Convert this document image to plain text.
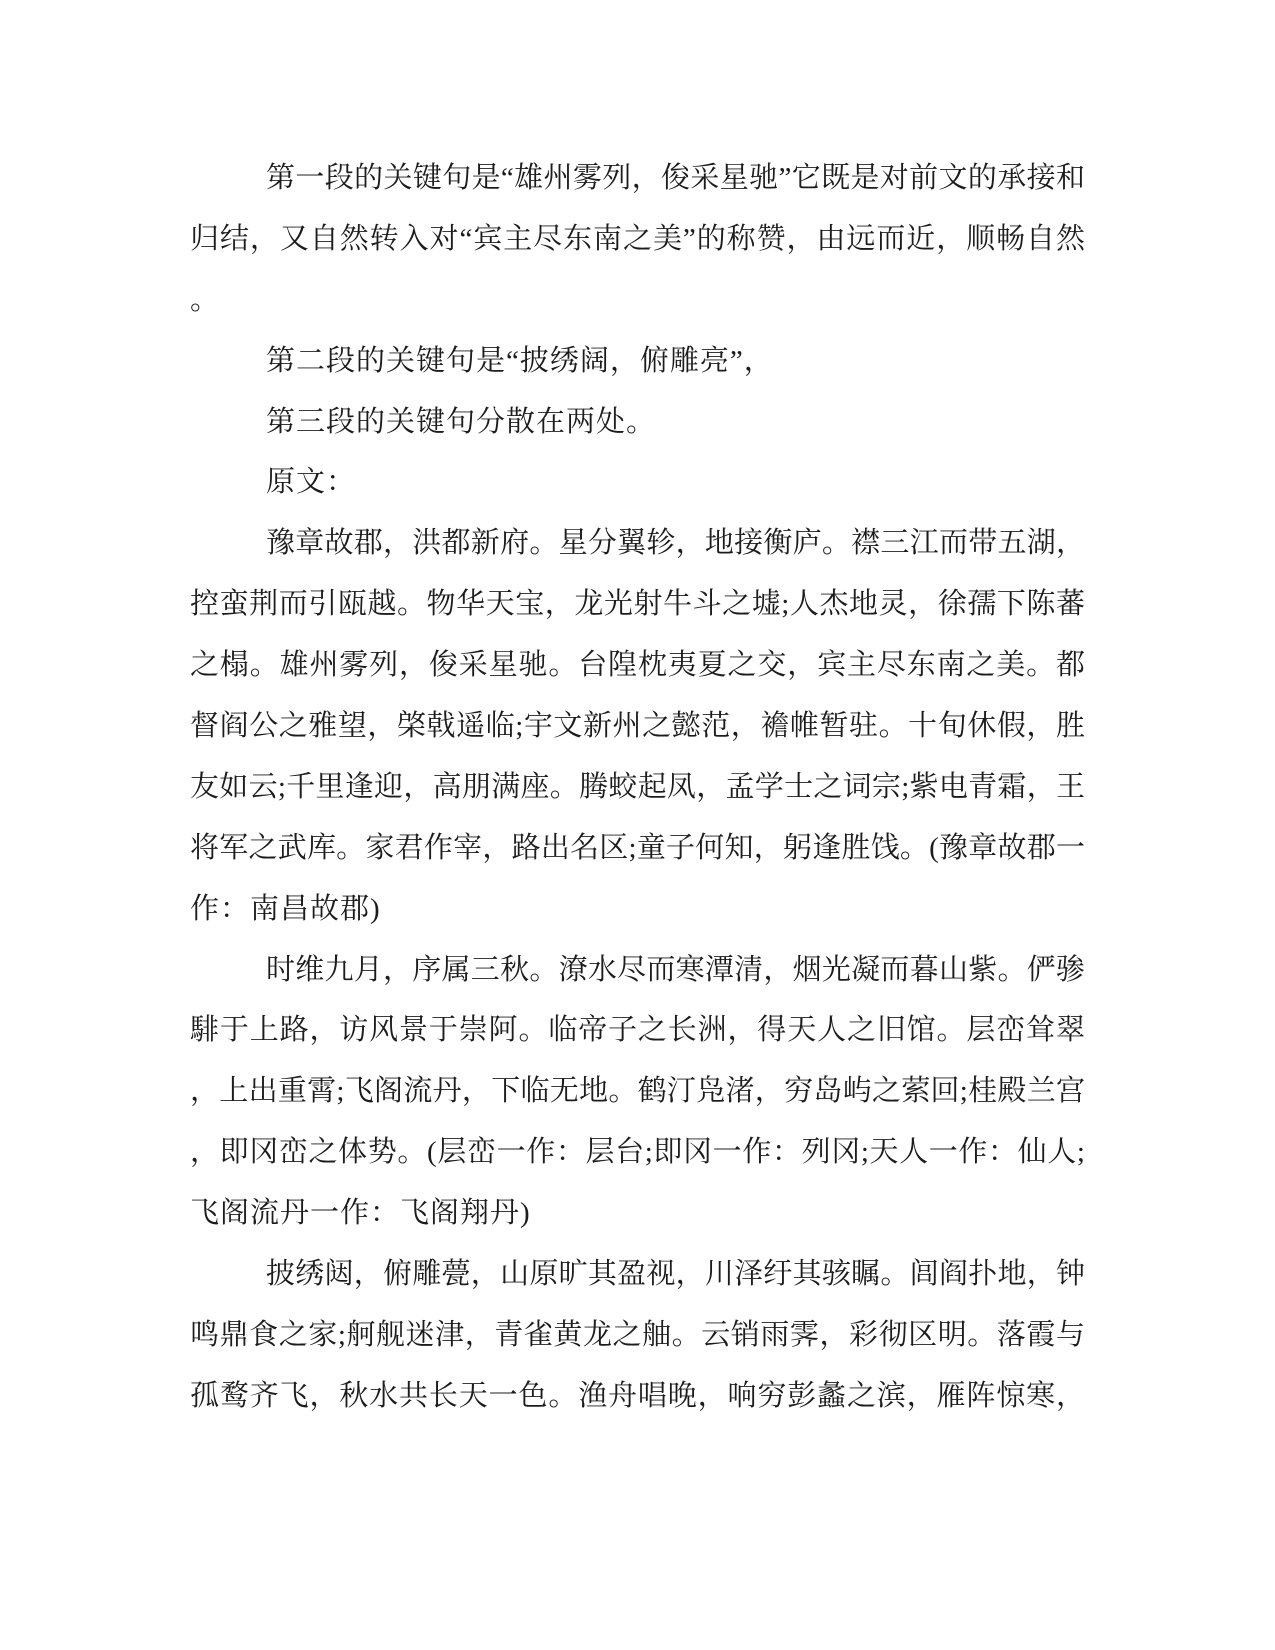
第一段的关键句是“雄州雾列，俊采星驰”它既是对前文的承接和
归结，又自然转入对“宾主尽东南之美”的称赞，由远而近，顺畅自然
。
第二段的关键句是“披绣阔，俯雕亮”，
第三段的关键句分散在两处。
原文：
豫章故郡，洪都新府。星分翼轸，地接衡庐。襟三江而带五湖，
控蛮荆而引瓯越。物华天宝，龙光射牛斗之墟;人杰地灵，徐孺下陈蕃
之榻。雄州雾列，俊采星驰。台隍枕夷夏之交，宾主尽东南之美。都
督阎公之雅望，棨戟遥临;宇文新州之懿范，襜帷暂驻。十旬休假，胜
友如云;千里逢迎，高朋满座。腾蛟起凤，孟学士之词宗;紫电青霜，王
将军之武库。家君作宰，路出名区;童子何知，躬逢胜饯。(豫章故郡一
作：南昌故郡)
时维九月，序属三秋。潦水尽而寒潭清，烟光凝而暮山紫。俨骖
騑于上路，访风景于崇阿。临帝子之长洲，得天人之旧馆。层峦耸翠
，上出重霄;飞阁流丹，下临无地。鹤汀凫渚，穷岛屿之萦回;桂殿兰宫
，即冈峦之体势。(层峦一作：层台;即冈一作：列冈;天人一作：仙人;
飞阁流丹一作：飞阁翔丹)
披绣闼，俯雕甍，山原旷其盈视，川泽纡其骇瞩。闾阎扑地，钟
鸣鼎食之家;舸舰迷津，青雀黄龙之舳。云销雨霁，彩彻区明。落霞与
孤鹜齐飞，秋水共长天一色。渔舟唱晚，响穷彭蠡之滨，雁阵惊寒，
